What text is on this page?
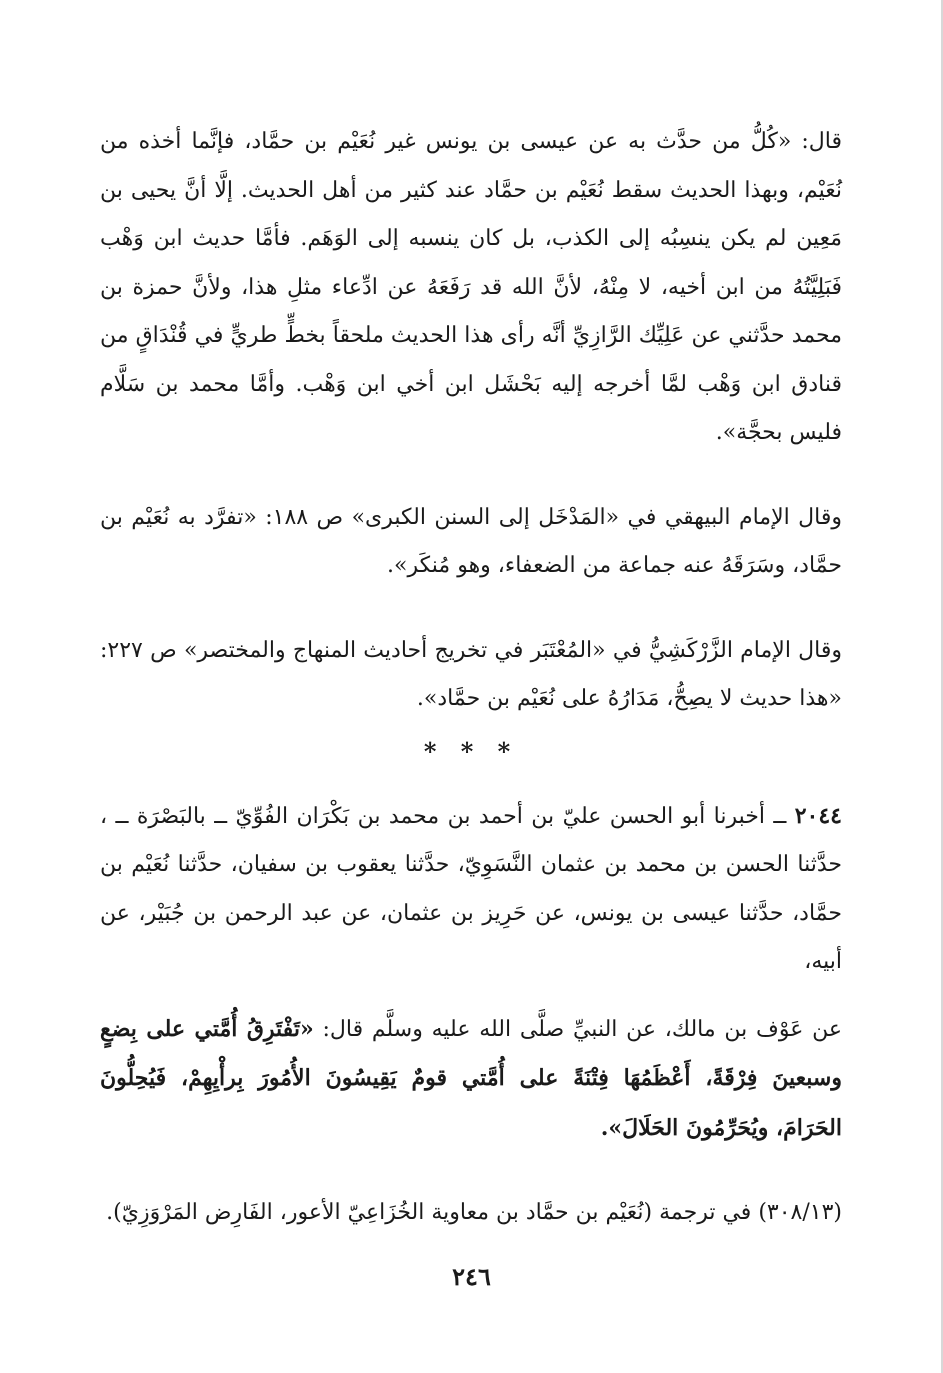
قال: «كُلُّ من حدَّث به عن عيسى بن يونس غير نُعَيْم بن حمَّاد، فإنَّما أخذه من نُعَيْم، وبهذا الحديث سقط نُعَيْم بن حمَّاد عند كثير من أهل الحديث. إلَّا أنَّ يحيى بن مَعِين لم يكن ينسِبُه إلى الكذب، بل كان ينسبه إلى الوَهَم. فأمَّا حديث ابن وَهْب فَبَلِيَّتُهُ من ابن أخيه، لا مِنْهُ، لأنَّ الله قد رَفَعَهُ عن ادِّعاء مثلِ هذا، ولأنَّ حمزة بن محمد حدَّثني عن عَلِيِّك الرَّازِيِّ أنَّه رأى هذا الحديث ملحقاً بخطٍّ طريٍّ في قُنْدَاقٍ من قنادق ابن وَهْب لمَّا أخرجه إليه بَحْشَل ابن أخي ابن وَهْب. وأمَّا محمد بن سَلَّام فليس بحجَّة».

وقال الإمام البيهقي في «المَدْخَل إلى السنن الكبرى» ص ١٨٨: «تفرَّد به نُعَيْم بن حمَّاد، وسَرَقَهُ عنه جماعة من الضعفاء، وهو مُنكَر».

وقال الإمام الزَّرْكَشِيُّ في «المُعْتَبَر في تخريج أحاديث المنهاج والمختصر» ص ٢٢٧: «هذا حديث لا يصِحُّ، مَدَارُهُ على نُعَيْم بن حمَّاد».

* * *

٢٠٤٤ ــ أخبرنا أبو الحسن عليّ بن أحمد بن محمد بن بَكْرَان الفُوِّيّ ــ بالبَصْرَة ــ ، حدَّثنا الحسن بن محمد بن عثمان النَّسَوِيّ، حدَّثنا يعقوب بن سفيان، حدَّثنا نُعَيْم بن حمَّاد، حدَّثنا عيسى بن يونس، عن حَرِيز بن عثمان، عن عبد الرحمن بن جُبَيْر، عن أبيه،

عن عَوْف بن مالك، عن النبيِّ صلَّى الله عليه وسلَّم قال: «تَفْتَرِقُ أُمَّتي على بِضعٍ وسبعينَ فِرْقَةً، أَعْظَمُهَا فِتْنَةً على أُمَّتي قومٌ يَقِيسُونَ الأُمُورَ بِرأْيِهِمْ، فَيُحِلُّونَ الحَرَامَ، ويُحَرِّمُونَ الحَلَالَ».

(٣٠٨/١٣) في ترجمة (نُعَيْم بن حمَّاد بن معاوية الخُزَاعِيّ الأعور، الفَارِض المَرْوَزِيّ).

٢٤٦
